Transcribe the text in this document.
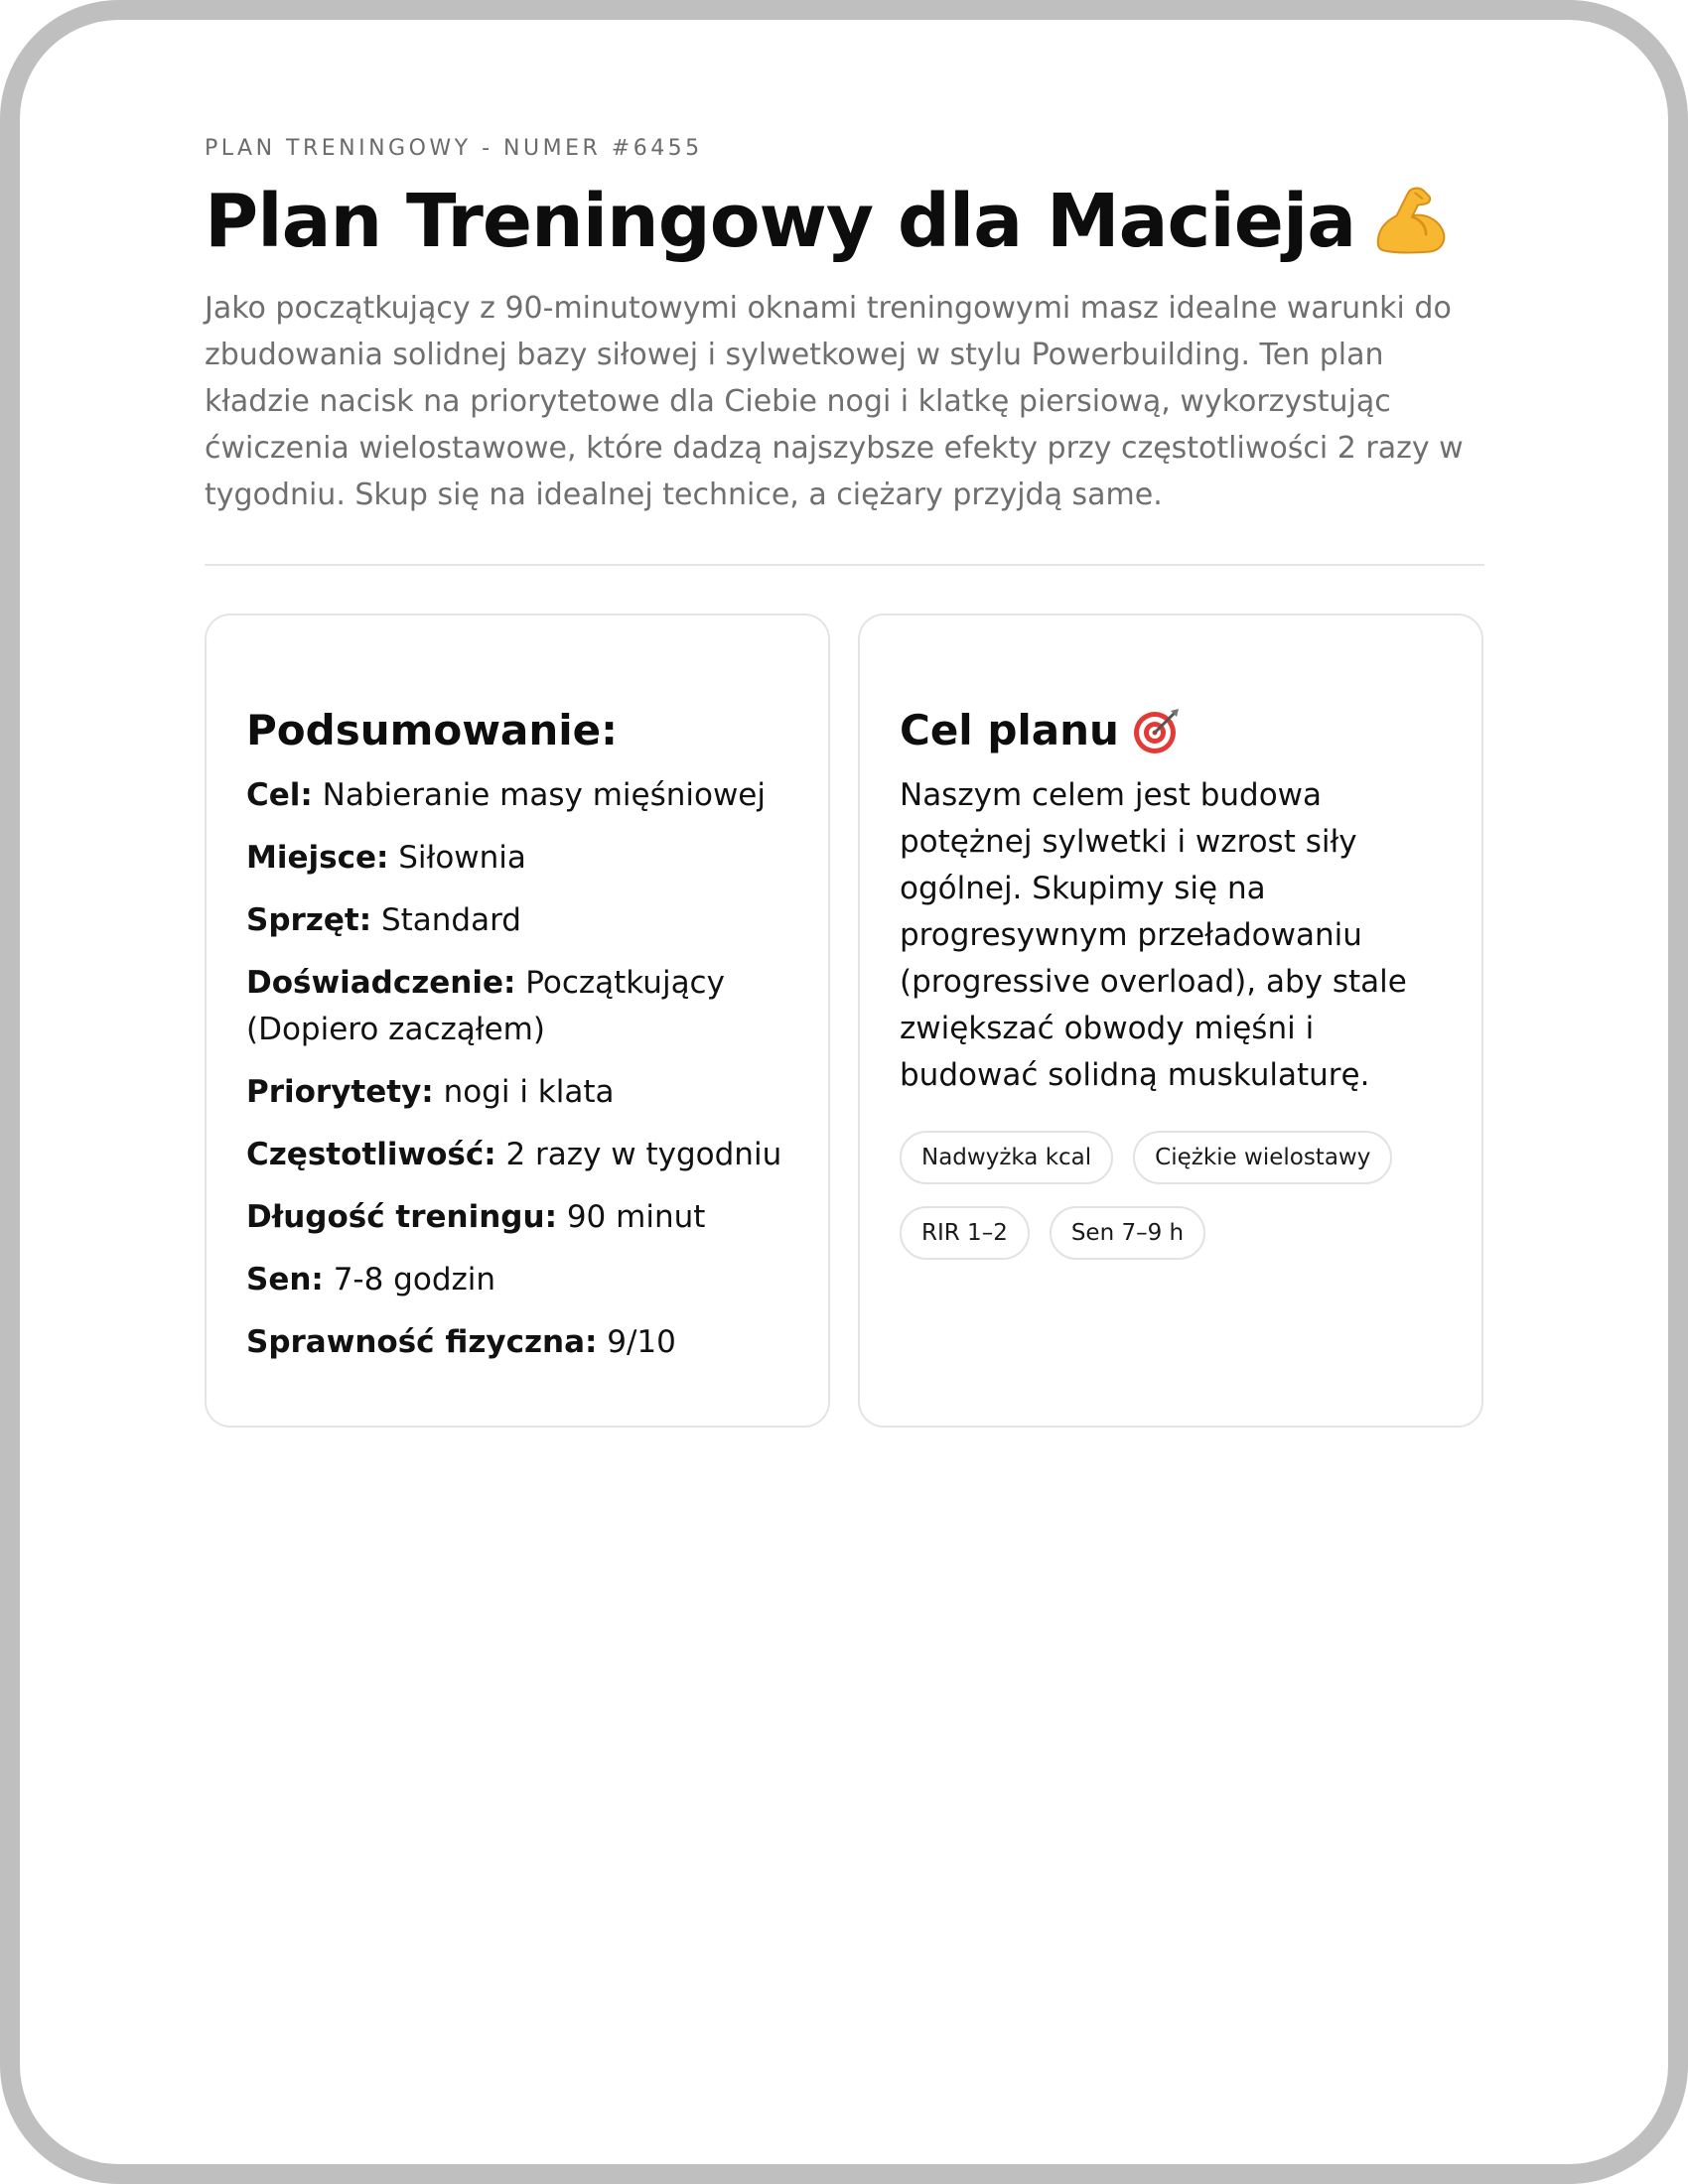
PLAN TRENINGOWY - NUMER #6455

Plan Treningowy dla Macieja

Jako początkujący z 90-minutowymi oknami treningowymi masz idealne warunki do zbudowania solidnej bazy siłowej i sylwetkowej w stylu Powerbuilding. Ten plan kładzie nacisk na priorytetowe dla Ciebie nogi i klatkę piersiową, wykorzystując ćwiczenia wielostawowe, które dadzą najszybsze efekty przy częstotliwości 2 razy w tygodniu. Skup się na idealnej technice, a ciężary przyjdą same.

Podsumowanie:

Cel: Nabieranie masy mięśniowej

Miejsce: Siłownia

Sprzęt: Standard

Doświadczenie: Początkujący (Dopiero zacząłem)

Priorytety: nogi i klata

Częstotliwość: 2 razy w tygodniu

Długość treningu: 90 minut

Sen: 7-8 godzin

Sprawność fizyczna: 9/10

Cel planu

Naszym celem jest budowa potężnej sylwetki i wzrost siły ogólnej. Skupimy się na progresywnym przeładowaniu (progressive overload), aby stale zwiększać obwody mięśni i budować solidną muskulaturę.

Nadwyżka kcal	Ciężkie wielostawy
RIR 1–2	Sen 7–9 h
